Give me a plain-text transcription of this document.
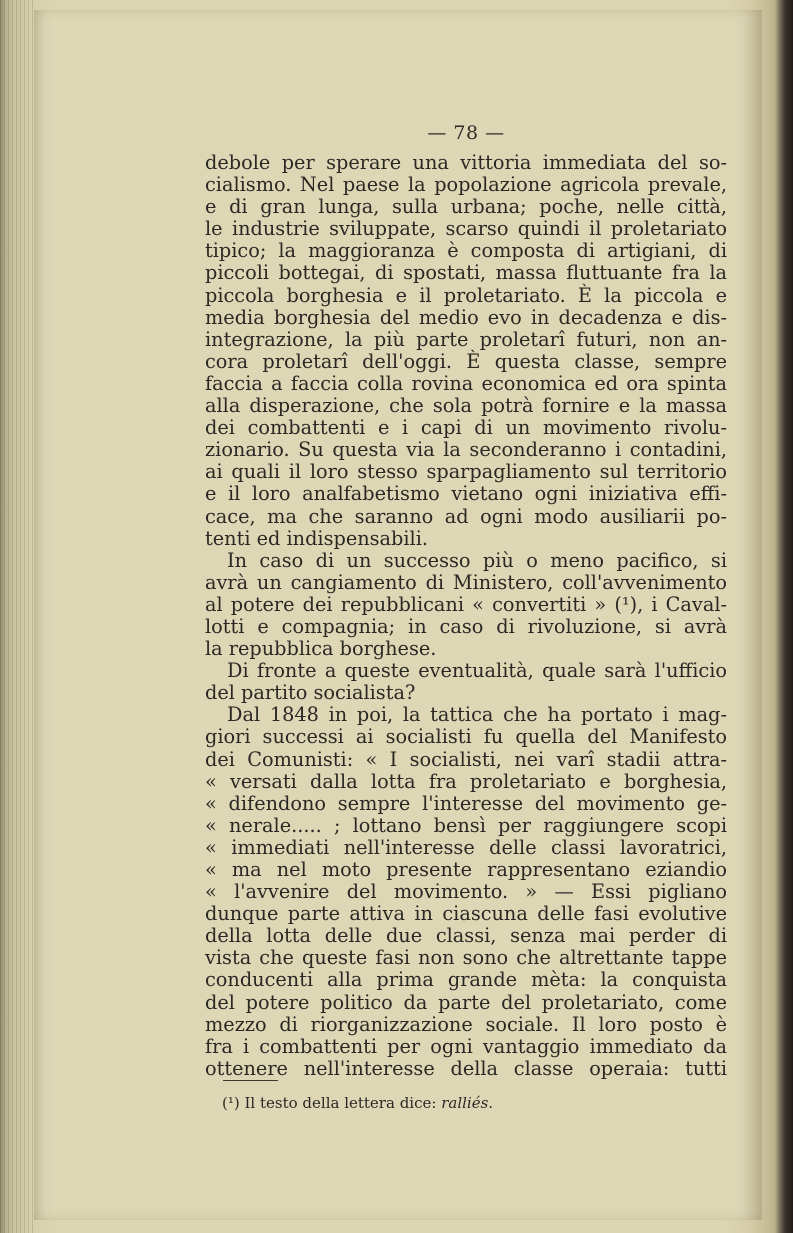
— 78 —
debole per sperare una vittoria immediata del so-
cialismo. Nel paese la popolazione agricola prevale,
e di gran lunga, sulla urbana; poche, nelle città,
le industrie sviluppate, scarso quindi il proletariato
tipico; la maggioranza è composta di artigiani, di
piccoli bottegai, di spostati, massa fluttuante fra la
piccola borghesia e il proletariato. È la piccola e
media borghesia del medio evo in decadenza e dis-
integrazione, la più parte proletarî futuri, non an-
cora proletarî dell'oggi. È questa classe, sempre
faccia a faccia colla rovina economica ed ora spinta
alla disperazione, che sola potrà fornire e la massa
dei combattenti e i capi di un movimento rivolu-
zionario. Su questa via la seconderanno i contadini,
ai quali il loro stesso sparpagliamento sul territorio
e il loro analfabetismo vietano ogni iniziativa effi-
cace, ma che saranno ad ogni modo ausiliarii po-
tenti ed indispensabili.
In caso di un successo più o meno pacifico, si
avrà un cangiamento di Ministero, coll'avvenimento
al potere dei repubblicani « convertiti » (¹), i Caval-
lotti e compagnia; in caso di rivoluzione, si avrà
la repubblica borghese.
Di fronte a queste eventualità, quale sarà l'ufficio
del partito socialista?
Dal 1848 in poi, la tattica che ha portato i mag-
giori successi ai socialisti fu quella del Manifesto
dei Comunisti: « I socialisti, nei varî stadii attra-
« versati dalla lotta fra proletariato e borghesia,
« difendono sempre l'interesse del movimento ge-
« nerale..... ; lottano bensì per raggiungere scopi
« immediati nell'interesse delle classi lavoratrici,
« ma nel moto presente rappresentano eziandio
« l'avvenire del movimento. » — Essi pigliano
dunque parte attiva in ciascuna delle fasi evolutive
della lotta delle due classi, senza mai perder di
vista che queste fasi non sono che altrettante tappe
conducenti alla prima grande mèta: la conquista
del potere politico da parte del proletariato, come
mezzo di riorganizzazione sociale. Il loro posto è
fra i combattenti per ogni vantaggio immediato da
ottenere nell'interesse della classe operaia: tutti
(¹) Il testo della lettera dice: ralliés.
